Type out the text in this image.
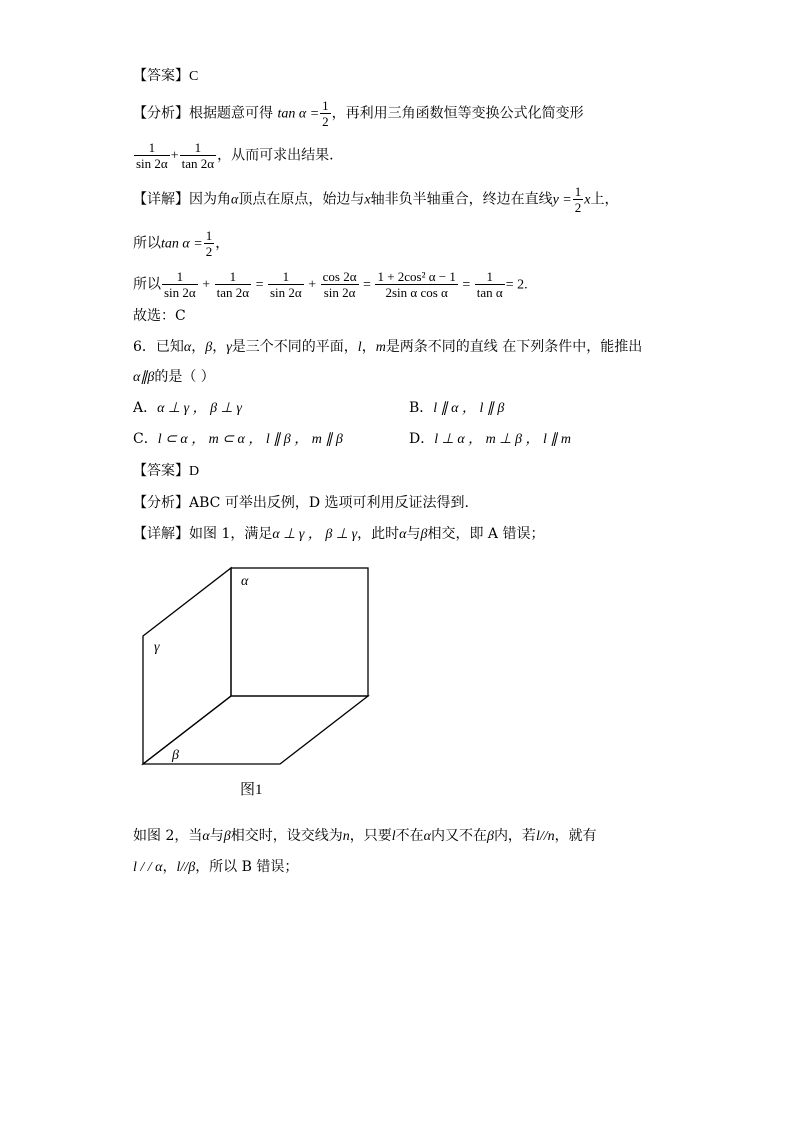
【答案】C
【分析】根据题意可得 $\tan \alpha = \frac{1}{2}$ ，再利用三角函数恒等变换公式化简变形
$\frac{1}{\sin 2\alpha} + \frac{1}{\tan 2\alpha}$ ，从而可求出结果.
【详解】因为角α顶点在原点，始边与x轴非负半轴重合，终边在直线$y = \frac{1}{2}$ x上，
所以$\tan \alpha = \frac{1}{2}$ ，
所以 $\frac{1}{\sin 2\alpha} + \frac{1}{\tan 2\alpha} = \frac{1}{\sin 2\alpha} + \frac{\cos 2\alpha}{\sin 2\alpha} = \frac{\text{1 + 2cos² α − 1}}{\text{2sin α cos α}} = \frac{1}{\text{tan α}} = 2$.
故选：C
6．已知α，β，γ是三个不同的平面，l，m是两条不同的直线 在下列条件中，能推出
α∥β的是（ ）
A．α ⊥ γ ， β ⊥ γ	B．l ∥ α ， l ∥ β
C．l ⊂ α ， m ⊂ α ， l ∥ β ， m ∥ β	D．l ⊥ α ， m ⊥ β ， l ∥ m
【答案】D
【分析】ABC 可举出反例，D 选项可利用反证法得到.
【详解】如图 1，满足α ⊥ γ ， β ⊥ γ，此时α与β相交，即 A 错误；
α
γ
β
图1
如图 2，当α与β相交时，设交线为n，只要l不在α内又不在β内，若l//n，就有
l / / α，l//β，所以 B 错误；
